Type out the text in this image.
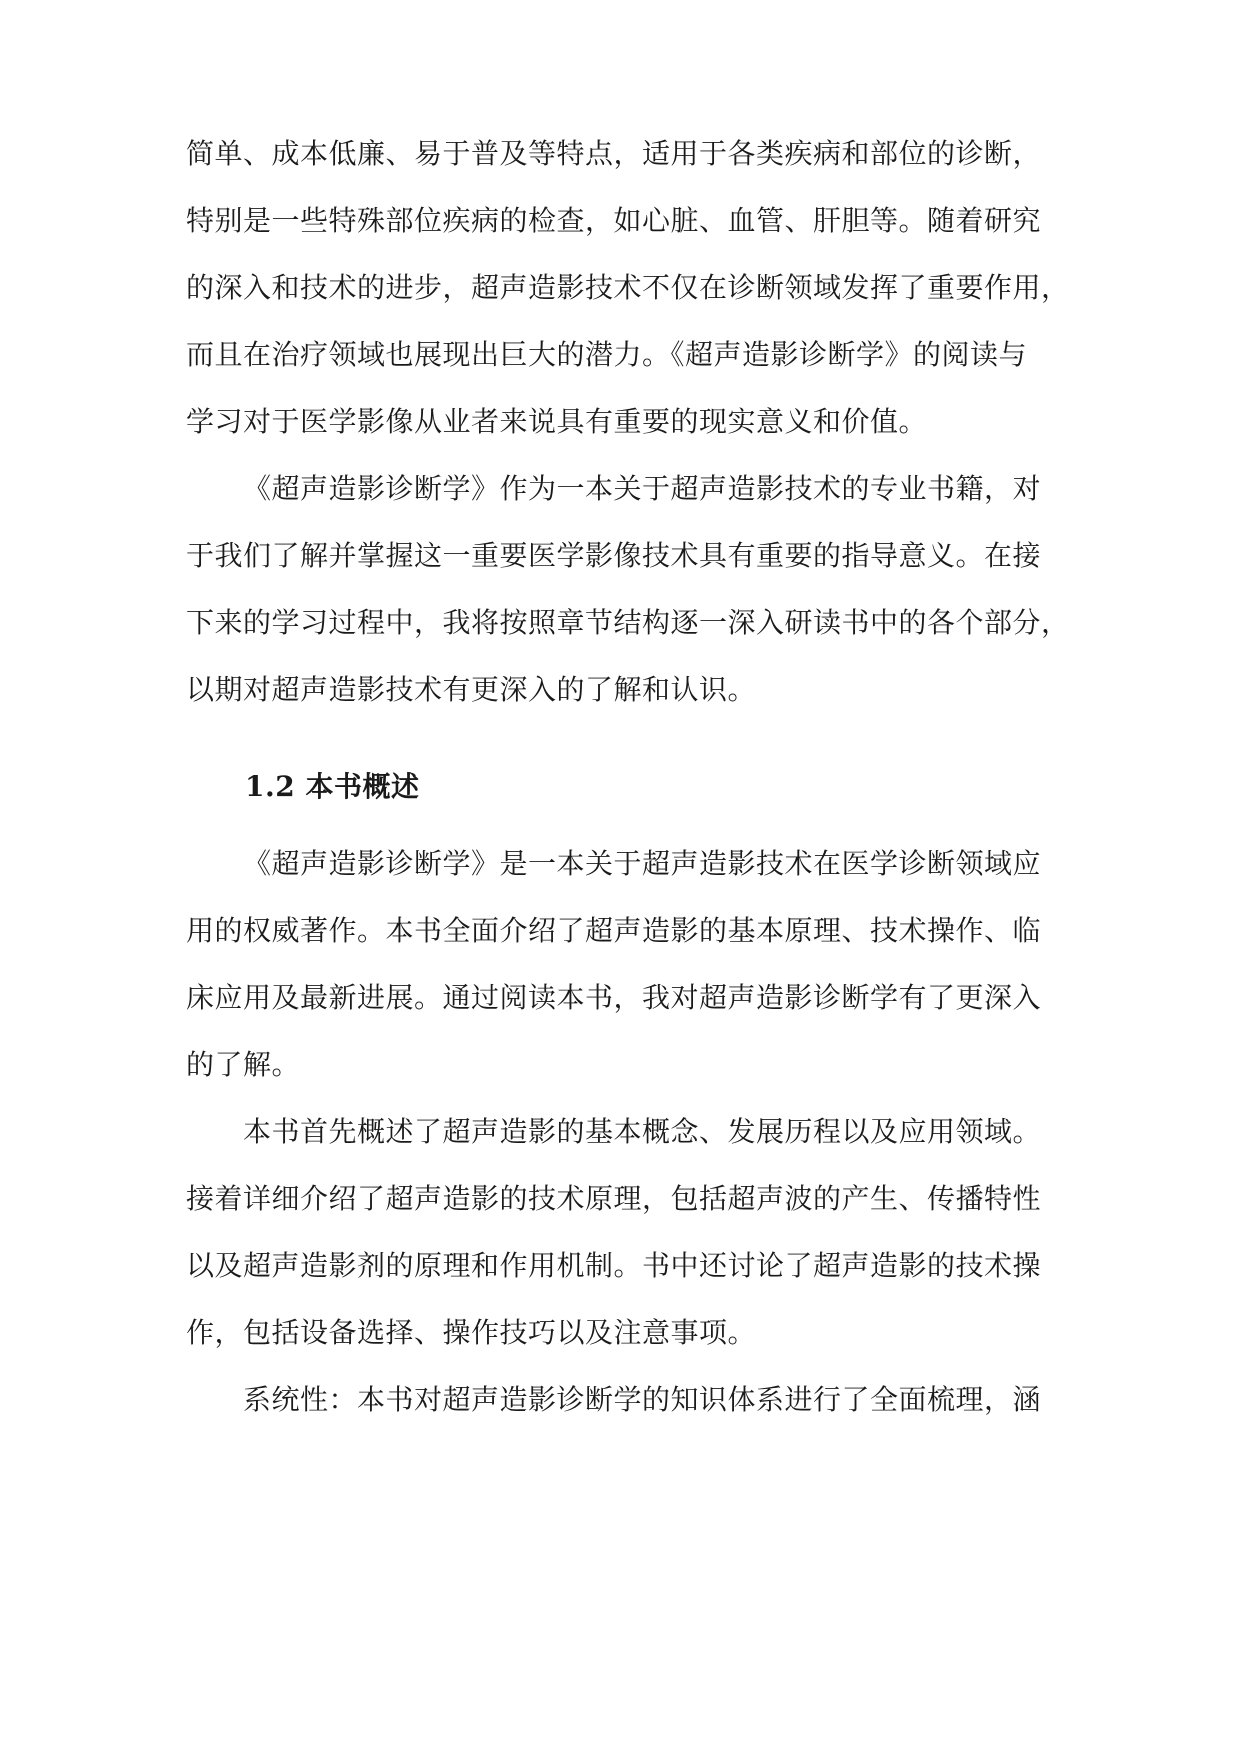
简单、成本低廉、易于普及等特点，适用于各类疾病和部位的诊断，
特别是一些特殊部位疾病的检查，如心脏、血管、肝胆等。随着研究
的深入和技术的进步，超声造影技术不仅在诊断领域发挥了重要作用，
而且在治疗领域也展现出巨大的潜力。《超声造影诊断学》的阅读与
学习对于医学影像从业者来说具有重要的现实意义和价值。
《超声造影诊断学》作为一本关于超声造影技术的专业书籍，对
于我们了解并掌握这一重要医学影像技术具有重要的指导意义。在接
下来的学习过程中，我将按照章节结构逐一深入研读书中的各个部分，
以期对超声造影技术有更深入的了解和认识。
1.2 本书概述
《超声造影诊断学》是一本关于超声造影技术在医学诊断领域应
用的权威著作。本书全面介绍了超声造影的基本原理、技术操作、临
床应用及最新进展。通过阅读本书，我对超声造影诊断学有了更深入
的了解。
本书首先概述了超声造影的基本概念、发展历程以及应用领域。
接着详细介绍了超声造影的技术原理，包括超声波的产生、传播特性
以及超声造影剂的原理和作用机制。书中还讨论了超声造影的技术操
作，包括设备选择、操作技巧以及注意事项。
系统性：本书对超声造影诊断学的知识体系进行了全面梳理，涵
